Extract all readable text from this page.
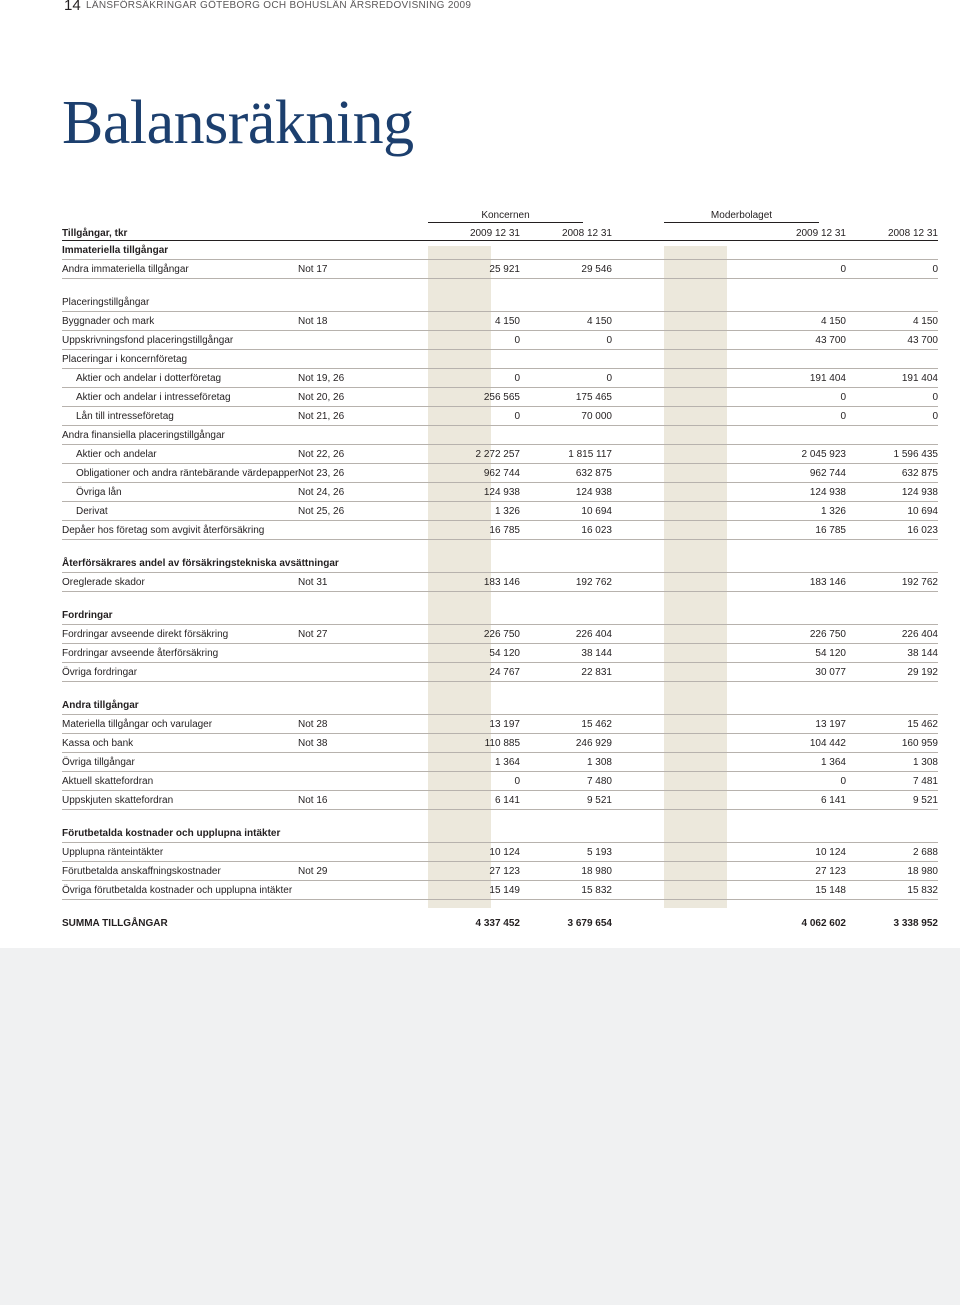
14 LÄNSFÖRSÄKRINGAR GÖTEBORG OCH BOHUSLÄN ÅRSREDOVISNING 2009
Balansräkning
Koncernen	Moderbolaget
Tillgångar, tkr		2009 12 31	2008 12 31		2009 12 31	2008 12 31
Immateriella tillgångar						
Andra immateriella tillgångar	Not 17	25 921	29 546		0	0

Placeringstillgångar						
Byggnader och mark	Not 18	4 150	4 150		4 150	4 150
Uppskrivningsfond placeringstillgångar		0	0		43 700	43 700
Placeringar i koncernföretag						
Aktier och andelar i dotterföretag	Not 19, 26	0	0		191 404	191 404
Aktier och andelar i intresseföretag	Not 20, 26	256 565	175 465		0	0
Lån till intresseföretag	Not 21, 26	0	70 000		0	0
Andra finansiella placeringstillgångar						
Aktier och andelar	Not 22, 26	2 272 257	1 815 117		2 045 923	1 596 435
Obligationer och andra räntebärande värdepapper	Not 23, 26	962 744	632 875		962 744	632 875
Övriga lån	Not 24, 26	124 938	124 938		124 938	124 938
Derivat	Not 25, 26	1 326	10 694		1 326	10 694
Depåer hos företag som avgivit återförsäkring		16 785	16 023		16 785	16 023

Återförsäkrares andel av försäkringstekniska avsättningar						
Oreglerade skador	Not 31	183 146	192 762		183 146	192 762

Fordringar						
Fordringar avseende direkt försäkring	Not 27	226 750	226 404		226 750	226 404
Fordringar avseende återförsäkring		54 120	38 144		54 120	38 144
Övriga fordringar		24 767	22 831		30 077	29 192

Andra tillgångar						
Materiella tillgångar och varulager	Not 28	13 197	15 462		13 197	15 462
Kassa och bank	Not 38	110 885	246 929		104 442	160 959
Övriga tillgångar		1 364	1 308		1 364	1 308
Aktuell skattefordran		0	7 480		0	7 481
Uppskjuten skattefordran	Not 16	6 141	9 521		6 141	9 521

Förutbetalda kostnader och upplupna intäkter						
Upplupna ränteintäkter		10 124	5 193		10 124	2 688
Förutbetalda anskaffningskostnader	Not 29	27 123	18 980		27 123	18 980
Övriga förutbetalda kostnader och upplupna intäkter		15 149	15 832		15 148	15 832

SUMMA TILLGÅNGAR		4 337 452	3 679 654		4 062 602	3 338 952
